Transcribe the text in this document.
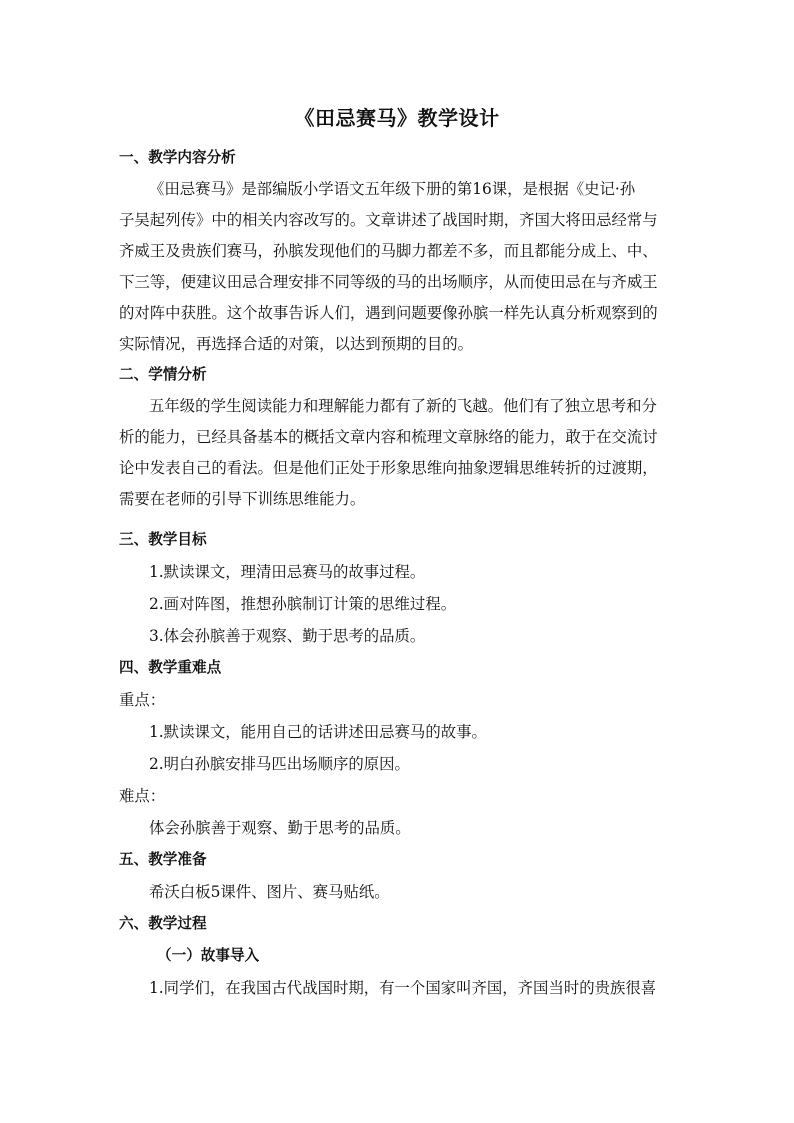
《田忌赛马》教学设计
一、教学内容分析
《田忌赛马》是部编版小学语文五年级下册的第16课，是根据《史记·孙
子吴起列传》中的相关内容改写的。文章讲述了战国时期，齐国大将田忌经常与
齐威王及贵族们赛马，孙膑发现他们的马脚力都差不多，而且都能分成上、中、
下三等，便建议田忌合理安排不同等级的马的出场顺序，从而使田忌在与齐威王
的对阵中获胜。这个故事告诉人们，遇到问题要像孙膑一样先认真分析观察到的
实际情况，再选择合适的对策，以达到预期的目的。
二、学情分析
五年级的学生阅读能力和理解能力都有了新的飞越。他们有了独立思考和分
析的能力，已经具备基本的概括文章内容和梳理文章脉络的能力，敢于在交流讨
论中发表自己的看法。但是他们正处于形象思维向抽象逻辑思维转折的过渡期，
需要在老师的引导下训练思维能力。
三、教学目标
1.默读课文，理清田忌赛马的故事过程。
2.画对阵图，推想孙膑制订计策的思维过程。
3.体会孙膑善于观察、勤于思考的品质。
四、教学重难点
重点：
1.默读课文，能用自己的话讲述田忌赛马的故事。
2.明白孙膑安排马匹出场顺序的原因。
难点：
体会孙膑善于观察、勤于思考的品质。
五、教学准备
希沃白板5课件、图片、赛马贴纸。
六、教学过程
（一）故事导入
1.同学们，在我国古代战国时期，有一个国家叫齐国，齐国当时的贵族很喜
